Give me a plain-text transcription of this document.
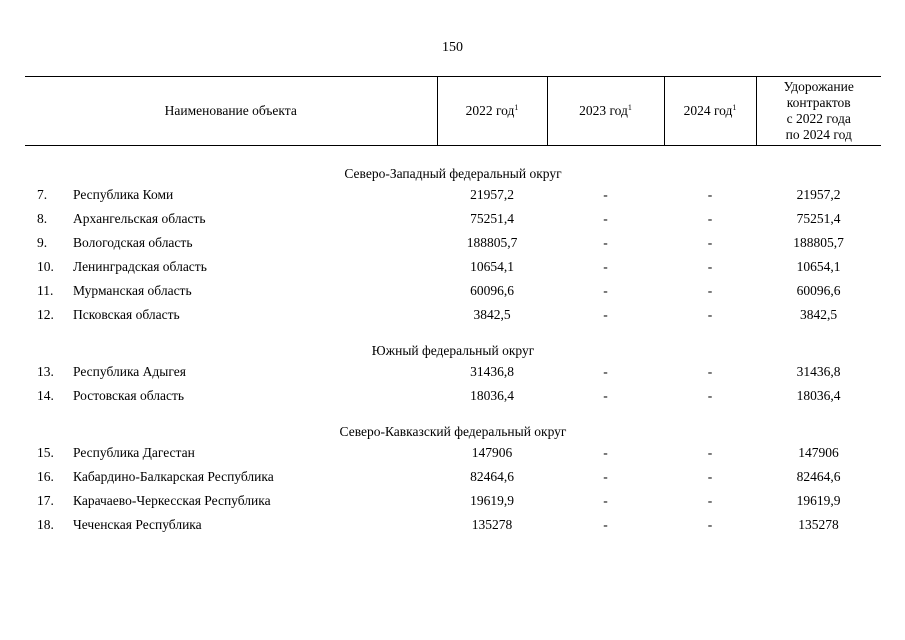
150
Наименование объекта		2022 год$^1$	2023 год$^1$	2024 год$^1$	Удорожание
контрактов
с 2022 года
по 2024 год

Северо-Западный федеральный округ					
7.	Республика Коми	21957,2	-	-	21957,2
8.	Архангельская область	75251,4	-	-	75251,4
9.	Вологодская область	188805,7	-	-	188805,7
10.	Ленинградская область	10654,1	-	-	10654,1
11.	Мурманская область	60096,6	-	-	60096,6
12.	Псковская область	3842,5	-	-	3842,5
Южный федеральный округ					
13.	Республика Адыгея	31436,8	-	-	31436,8
14.	Ростовская область	18036,4	-	-	18036,4
Северо-Кавказский федеральный округ					
15.	Республика Дагестан	147906	-	-	147906
16.	Кабардино-Балкарская Республика	82464,6	-	-	82464,6
17.	Карачаево-Черкесская Республика	19619,9	-	-	19619,9
18.	Чеченская Республика	135278	-	-	135278
